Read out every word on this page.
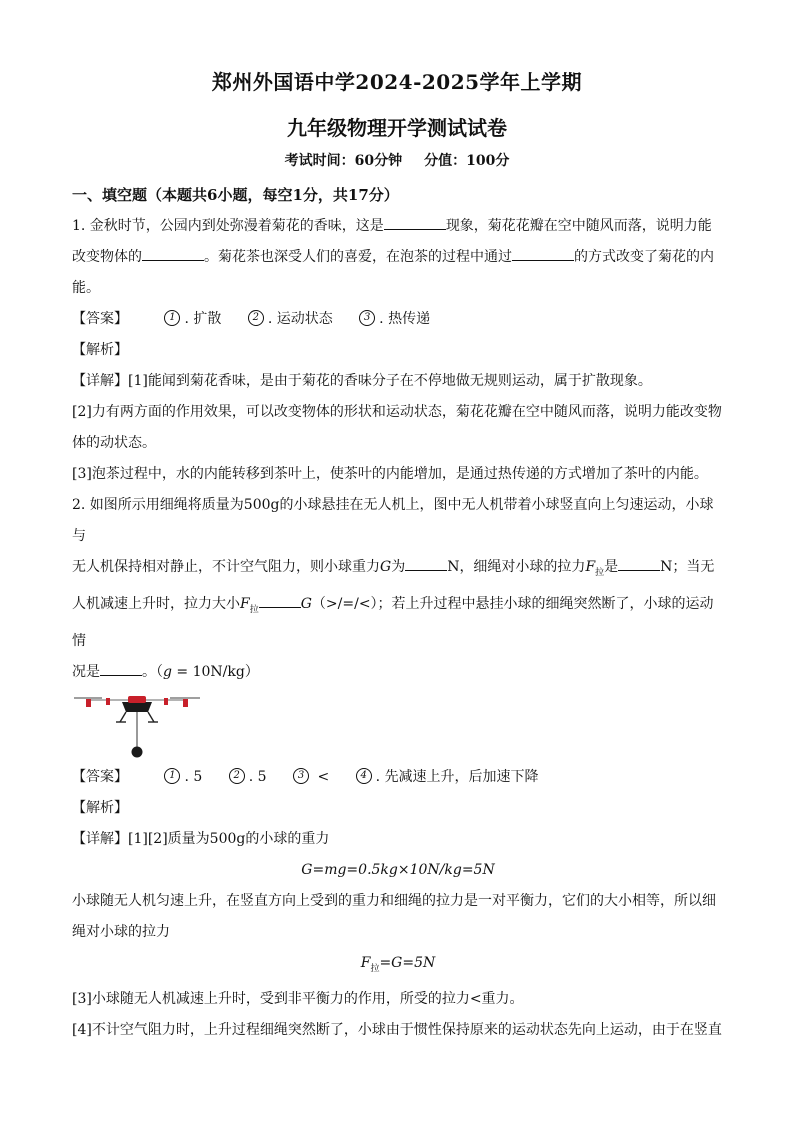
郑州外国语中学2024-2025学年上学期
九年级物理开学测试试卷
考试时间：60分钟 分值：100分

一、填空题（本题共6小题，每空1分，共17分）

1. 金秋时节，公园内到处弥漫着菊花的香味，这是	现象，菊花花瓣在空中随风而落，说明力能

改变物体的	。菊花茶也深受人们的喜爱，在泡茶的过程中通过	的方式改变了菊花的内

能。

【答案】	1 . 扩散	2 . 运动状态	3 . 热传递

【解析】

【详解】[1]能闻到菊花香味，是由于菊花的香味分子在不停地做无规则运动，属于扩散现象。

[2]力有两方面的作用效果，可以改变物体的形状和运动状态，菊花花瓣在空中随风而落，说明力能改变物

体的动状态。

[3]泡茶过程中，水的内能转移到茶叶上，使茶叶的内能增加，是通过热传递的方式增加了茶叶的内能。

2. 如图所示用细绳将质量为500g的小球悬挂在无人机上，图中无人机带着小球竖直向上匀速运动，小球与

无人机保持相对静止，不计空气阻力，则小球重力G为	N，细绳对小球的拉力$F_拉$是	N；当无

人机减速上升时，拉力大小$F_拉$	G（>/=/<）；若上升过程中悬挂小球的细绳突然断了，小球的运动情

况是	。（g = 10N/kg）

【答案】	1 . 5	2 . 5	3 <	4 . 先减速上升，后加速下降

【解析】

【详解】[1][2]质量为500g的小球的重力

G=mg=0.5kg×10N/kg=5N

小球随无人机匀速上升，在竖直方向上受到的重力和细绳的拉力是一对平衡力，它们的大小相等，所以细

绳对小球的拉力

$F_拉=G=5N$

[3]小球随无人机减速上升时，受到非平衡力的作用，所受的拉力<重力。

[4]不计空气阻力时，上升过程细绳突然断了，小球由于惯性保持原来的运动状态先向上运动，由于在竖直
